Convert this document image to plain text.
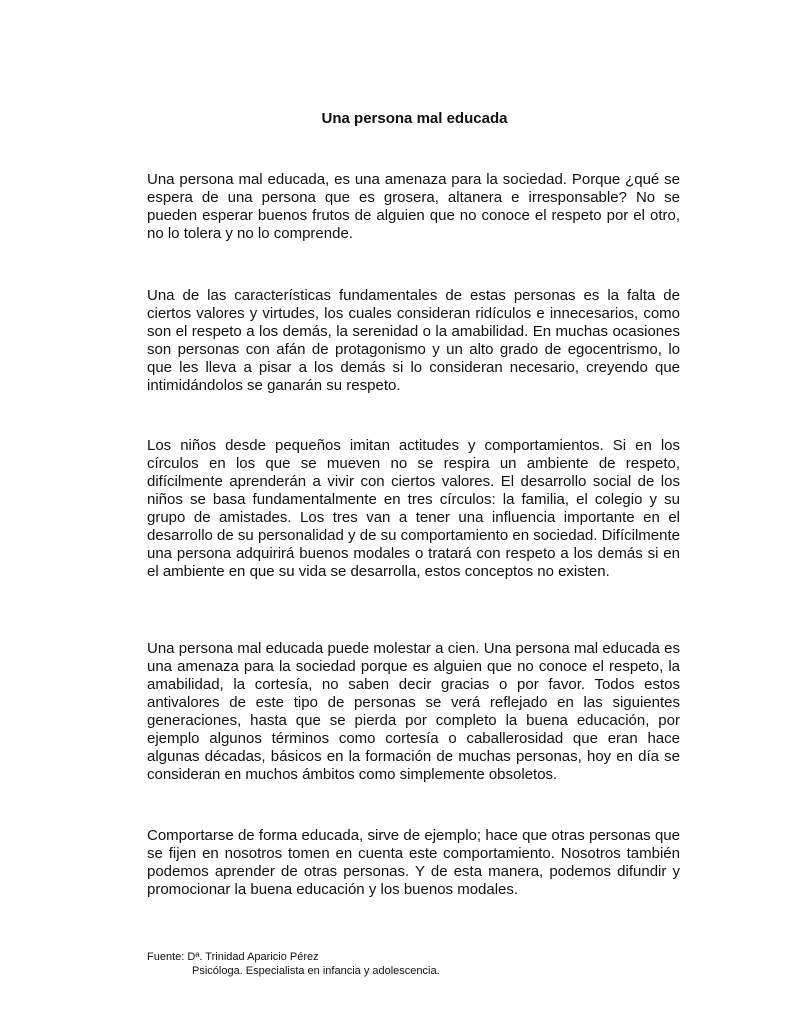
Una persona mal educada

Una persona mal educada, es una amenaza para la sociedad. Porque ¿qué se espera de una persona que es grosera, altanera e irresponsable? No se pueden esperar buenos frutos de alguien que no conoce el respeto por el otro, no lo tolera y no lo comprende.

Una de las características fundamentales de estas personas es la falta de ciertos valores y virtudes, los cuales consideran ridículos e innecesarios, como son el respeto a los demás, la serenidad o la amabilidad. En muchas ocasiones son personas con afán de protagonismo y un alto grado de egocentrismo, lo que les lleva a pisar a los demás si lo consideran necesario, creyendo que intimidándolos se ganarán su respeto.

Los niños desde pequeños imitan actitudes y comportamientos. Si en los círculos en los que se mueven no se respira un ambiente de respeto, difícilmente aprenderán a vivir con ciertos valores. El desarrollo social de los niños se basa fundamentalmente en tres círculos: la familia, el colegio y su grupo de amistades. Los tres van a tener una influencia importante en el desarrollo de su personalidad y de su comportamiento en sociedad. Difícilmente una persona adquirirá buenos modales o tratará con respeto a los demás si en el ambiente en que su vida se desarrolla, estos conceptos no existen.

Una persona mal educada puede molestar a cien. Una persona mal educada es una amenaza para la sociedad porque es alguien que no conoce el respeto, la amabilidad, la cortesía, no saben decir gracias o por favor. Todos estos antivalores de este tipo de personas se verá reflejado en las siguientes generaciones, hasta que se pierda por completo la buena educación, por ejemplo algunos términos como cortesía o caballerosidad que eran hace algunas décadas, básicos en la formación de muchas personas, hoy en día se consideran en muchos ámbitos como simplemente obsoletos.

Comportarse de forma educada, sirve de ejemplo; hace que otras personas que se fijen en nosotros tomen en cuenta este comportamiento. Nosotros también podemos aprender de otras personas. Y de esta manera, podemos difundir y promocionar la buena educación y los buenos modales.

Fuente: Dª. Trinidad Aparicio Pérez
Psicóloga. Especialista en infancia y adolescencia.
